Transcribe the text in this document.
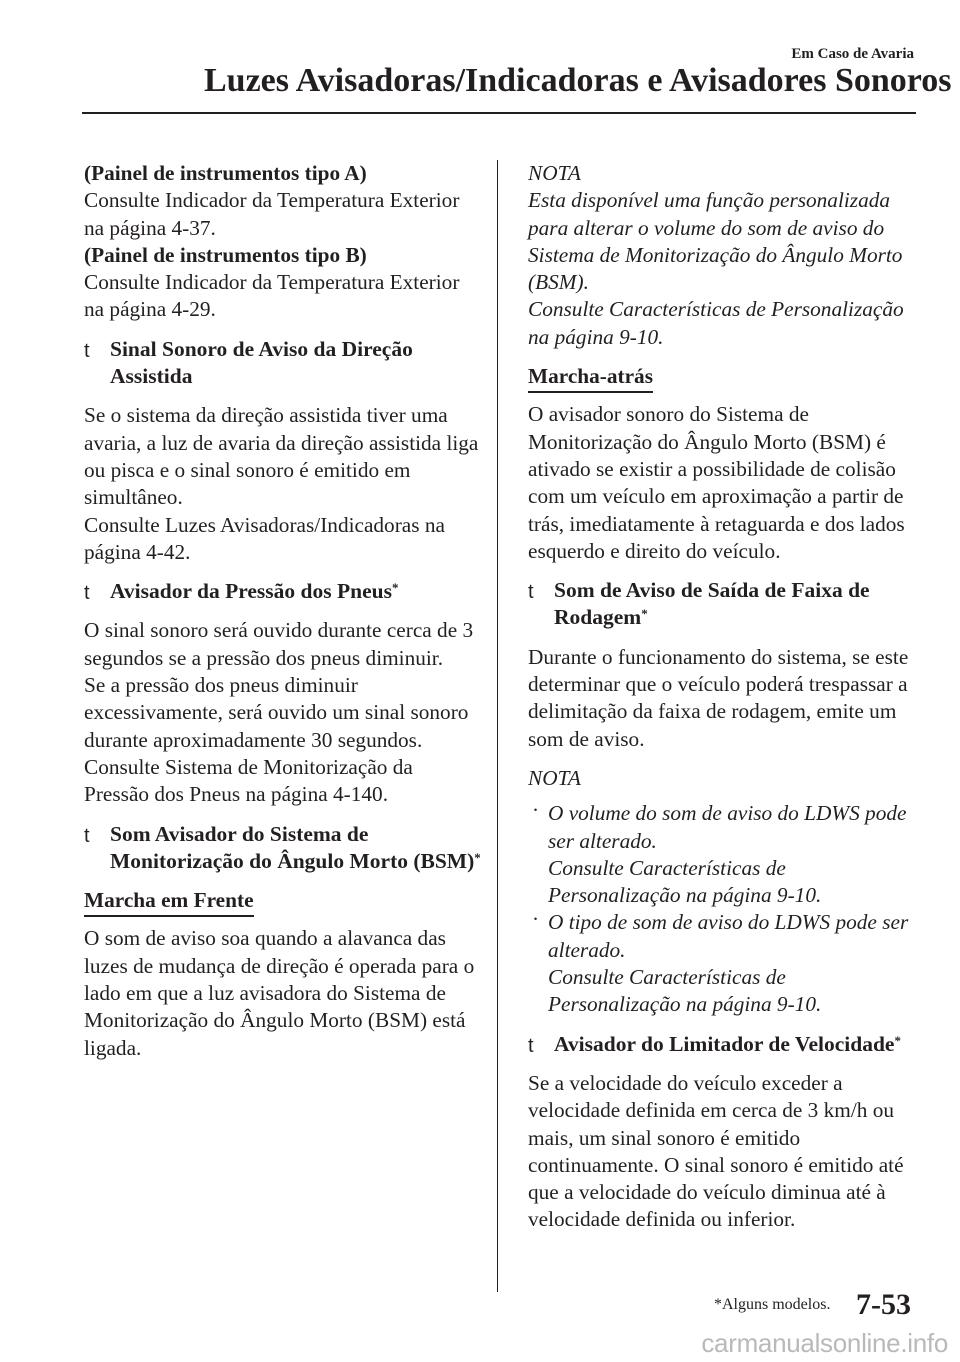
Em Caso de Avaria
Luzes Avisadoras/Indicadoras e Avisadores Sonoros

(Painel de instrumentos tipo A)

Consulte Indicador da Temperatura Exterior na página 4-37.

(Painel de instrumentos tipo B)

Consulte Indicador da Temperatura Exterior na página 4-29.

t Sinal Sonoro de Aviso da Direção Assistida

Se o sistema da direção assistida tiver uma avaria, a luz de avaria da direção assistida liga ou pisca e o sinal sonoro é emitido em simultâneo.

Consulte Luzes Avisadoras/Indicadoras na página 4-42.

t Avisador da Pressão dos Pneus*

O sinal sonoro será ouvido durante cerca de 3 segundos se a pressão dos pneus diminuir.

Se a pressão dos pneus diminuir excessivamente, será ouvido um sinal sonoro durante aproximadamente 30 segundos.

Consulte Sistema de Monitorização da Pressão dos Pneus na página 4-140.

t Som Avisador do Sistema de Monitorização do Ângulo Morto (BSM)*

Marcha em Frente

O som de aviso soa quando a alavanca das luzes de mudança de direção é operada para o lado em que a luz avisadora do Sistema de Monitorização do Ângulo Morto (BSM) está ligada.

NOTA

Esta disponível uma função personalizada para alterar o volume do som de aviso do Sistema de Monitorização do Ângulo Morto (BSM).

Consulte Características de Personalização na página 9-10.

Marcha-atrás

O avisador sonoro do Sistema de Monitorização do Ângulo Morto (BSM) é ativado se existir a possibilidade de colisão com um veículo em aproximação a partir de trás, imediatamente à retaguarda e dos lados esquerdo e direito do veículo.

t Som de Aviso de Saída de Faixa de Rodagem*

Durante o funcionamento do sistema, se este determinar que o veículo poderá trespassar a delimitação da faixa de rodagem, emite um som de aviso.

NOTA

· O volume do som de aviso do LDWS pode ser alterado.
Consulte Características de Personalização na página 9-10.
· O tipo de som de aviso do LDWS pode ser alterado.
Consulte Características de Personalização na página 9-10.

t Avisador do Limitador de Velocidade*

Se a velocidade do veículo exceder a velocidade definida em cerca de 3 km/h ou mais, um sinal sonoro é emitido continuamente. O sinal sonoro é emitido até que a velocidade do veículo diminua até à velocidade definida ou inferior.

*Alguns modelos. 7-53
carmanualsonline.info
